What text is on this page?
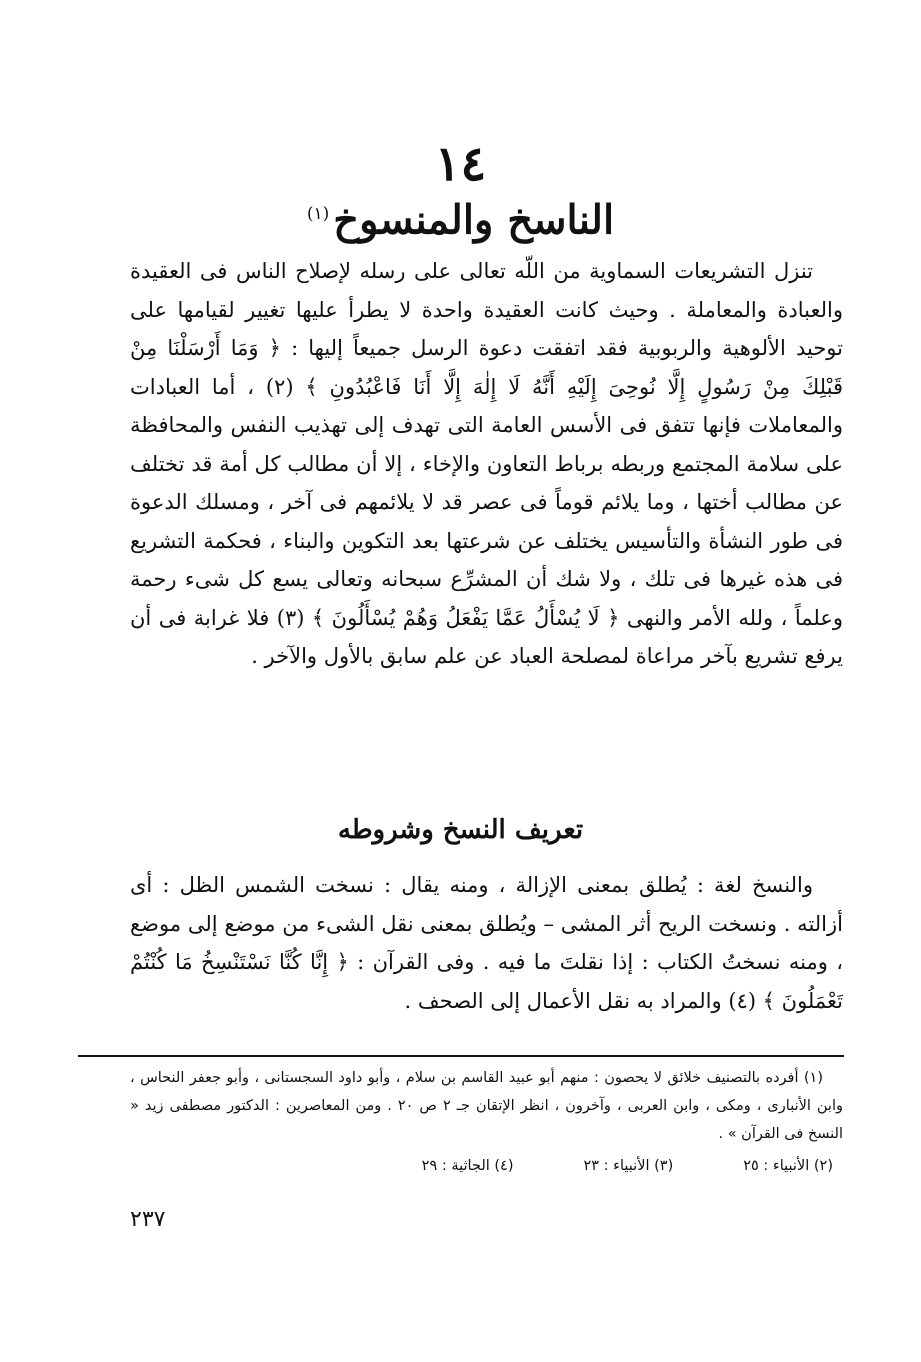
١٤
الناسخ والمنسوخ$^{(١)}$

تنزل التشريعات السماوية من اللّه تعالى على رسله لإصلاح الناس فى العقيدة والعبادة والمعاملة . وحيث كانت العقيدة واحدة لا يطرأ عليها تغيير لقيامها على توحيد الألوهية والربوبية فقد اتفقت دعوة الرسل جميعاً إليها : ﴿ وَمَا أَرْسَلْنَا مِنْ قَبْلِكَ مِنْ رَسُولٍ إِلَّا نُوحِىَ إِلَيْهِ أَنَّهُ لَا إِلٰهَ إِلَّا أَنَا فَاعْبُدُونِ ﴾ (٢) ، أما العبادات والمعاملات فإنها تتفق فى الأسس العامة التى تهدف إلى تهذيب النفس والمحافظة على سلامة المجتمع وربطه برباط التعاون والإخاء ، إلا أن مطالب كل أمة قد تختلف عن مطالب أختها ، وما يلائم قوماً فى عصر قد لا يلائمهم فى آخر ، ومسلك الدعوة فى طور النشأة والتأسيس يختلف عن شرعتها بعد التكوين والبناء ، فحكمة التشريع فى هذه غيرها فى تلك ، ولا شك أن المشرِّع سبحانه وتعالى يسع كل شىء رحمة وعلماً ، ولله الأمر والنهى ﴿ لَا يُسْأَلُ عَمَّا يَفْعَلُ وَهُمْ يُسْأَلُونَ ﴾ (٣) فلا غرابة فى أن يرفع تشريع بآخر مراعاة لمصلحة العباد عن علم سابق بالأول والآخر .

تعريف النسخ وشروطه

والنسخ لغة : يُطلق بمعنى الإزالة ، ومنه يقال : نسخت الشمس الظل : أى أزالته . ونسخت الريح أثر المشى – ويُطلق بمعنى نقل الشىء من موضع إلى موضع ، ومنه نسختُ الكتاب : إذا نقلتَ ما فيه . وفى القرآن : ﴿ إِنَّا كُنَّا نَسْتَنْسِخُ مَا كُنْتُمْ تَعْمَلُونَ ﴾ (٤) والمراد به نقل الأعمال إلى الصحف .

(١) أفرده بالتصنيف خلائق لا يحصون : منهم أبو عبيد القاسم بن سلام ، وأبو داود السجستانى ، وأبو جعفر النحاس ، وابن الأنبارى ، ومكى ، وابن العربى ، وآخرون ، انظر الإتقان جـ ٢ ص ٢٠ . ومن المعاصرين : الدكتور مصطفى زيد « النسخ فى القرآن » .

(٢) الأنبياء : ٢٥
(٣) الأنبياء : ٢٣
(٤) الجاثية : ٢٩
٢٣٧
